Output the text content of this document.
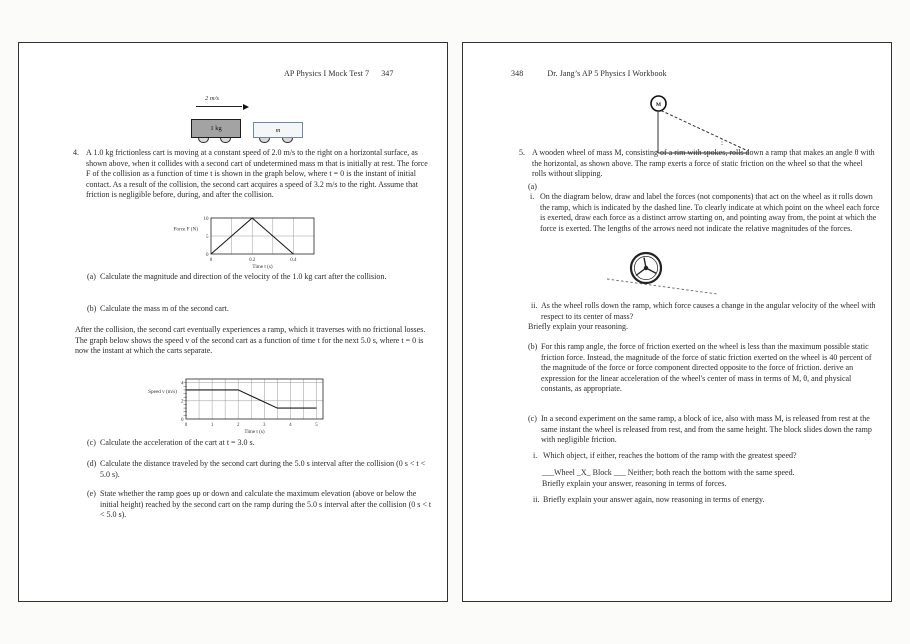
AP Physics I Mock Test 7 347
2 m/s
1 kg	m
4. A 1.0 kg frictionless cart is moving at a constant speed of 2.0 m/s to the right on a horizontal surface, as shown above, when it collides with a second cart of undetermined mass m that is initially at rest. The force F of the collision as a function of time t is shown in the graph below, where t = 0 is the instant of initial contact. As a result of the collision, the second cart acquires a speed of 3.2 m/s to the right. Assume that friction is negligible before, during, and after the collision.
0	0.2	0.4
0
5
10
Time t (s)
Force F (N)
(a) Calculate the magnitude and direction of the velocity of the 1.0 kg cart after the collision.
(b) Calculate the mass m of the second cart.
After the collision, the second cart eventually experiences a ramp, which it traverses with no frictional losses. The graph below shows the speed v of the second cart as a function of time t for the next 5.0 s, where t = 0 is now the instant at which the carts separate.
0	1	2	3	4	5
0
2
4
Time t (s)
Speed v (m/s)
(c) Calculate the acceleration of the cart at t = 3.0 s.
(d) Calculate the distance traveled by the second cart during the 5.0 s interval after the collision (0 s < t < 5.0 s).
(e) State whether the ramp goes up or down and calculate the maximum elevation (above or below the initial height) reached by the second cart on the ramp during the 5.0 s interval after the collision (0 s < t < 5.0 s).
348	Dr. Jang’s AP 5 Physics I Workbook
M
5. A wooden wheel of mass M, consisting of a rim with spokes, rolls down a ramp that makes an angle θ with the horizontal, as shown above. The ramp exerts a force of static friction on the wheel so that the wheel rolls without slipping.
(a)
i. On the diagram below, draw and label the forces (not components) that act on the wheel as it rolls down the ramp, which is indicated by the dashed line. To clearly indicate at which point on the wheel each force is exerted, draw each force as a distinct arrow starting on, and pointing away from, the point at which the force is exerted. The lengths of the arrows need not indicate the relative magnitudes of the forces.
ii. As the wheel rolls down the ramp, which force causes a change in the angular velocity of the wheel with respect to its center of mass?
Briefly explain your reasoning.
(b) For this ramp angle, the force of friction exerted on the wheel is less than the maximum possible static friction force. Instead, the magnitude of the force of static friction exerted on the wheel is 40 percent of the magnitude of the force or force component directed opposite to the force of friction. derive an expression for the linear acceleration of the wheel's center of mass in terms of M, θ, and physical constants, as appropriate.
(c) In a second experiment on the same ramp, a block of ice, also with mass M, is released from rest at the same instant the wheel is released from rest, and from the same height. The block slides down the ramp with negligible friction.
i. Which object, if either, reaches the bottom of the ramp with the greatest speed?
___Wheel _X_ Block ___ Neither; both reach the bottom with the same speed.
Briefly explain your answer, reasoning in terms of forces.
ii. Briefly explain your answer again, now reasoning in terms of energy.
